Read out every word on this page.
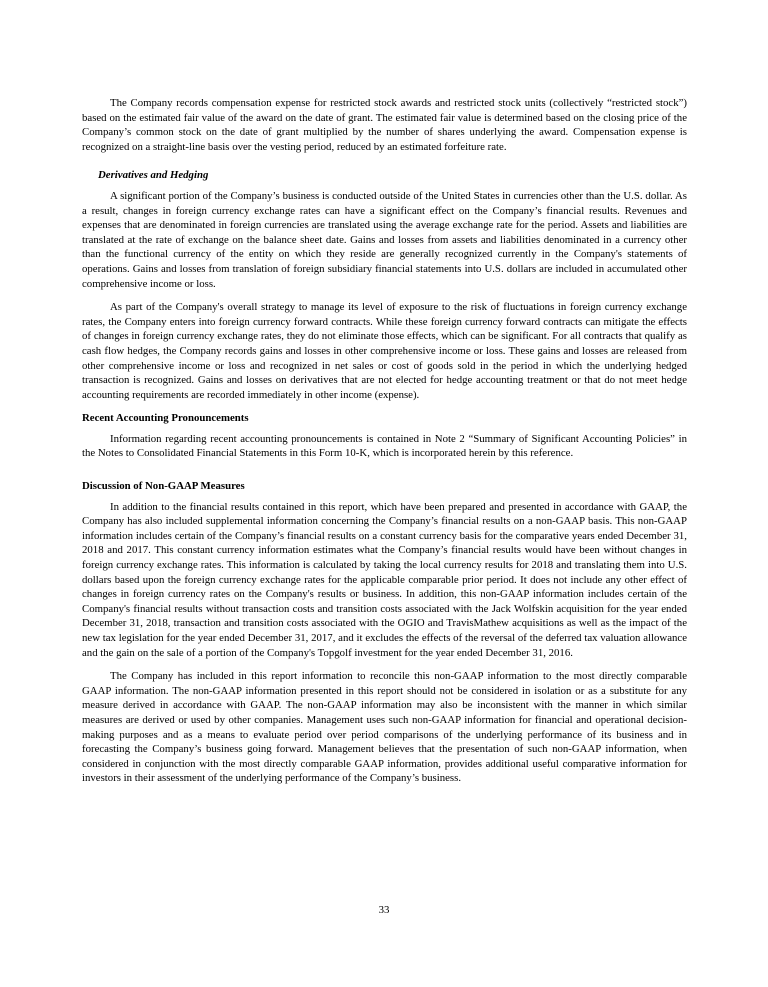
The Company records compensation expense for restricted stock awards and restricted stock units (collectively “restricted stock”) based on the estimated fair value of the award on the date of grant. The estimated fair value is determined based on the closing price of the Company’s common stock on the date of grant multiplied by the number of shares underlying the award. Compensation expense is recognized on a straight-line basis over the vesting period, reduced by an estimated forfeiture rate.

Derivatives and Hedging

A significant portion of the Company’s business is conducted outside of the United States in currencies other than the U.S. dollar. As a result, changes in foreign currency exchange rates can have a significant effect on the Company’s financial results. Revenues and expenses that are denominated in foreign currencies are translated using the average exchange rate for the period. Assets and liabilities are translated at the rate of exchange on the balance sheet date. Gains and losses from assets and liabilities denominated in a currency other than the functional currency of the entity on which they reside are generally recognized currently in the Company's statements of operations. Gains and losses from translation of foreign subsidiary financial statements into U.S. dollars are included in accumulated other comprehensive income or loss.

As part of the Company's overall strategy to manage its level of exposure to the risk of fluctuations in foreign currency exchange rates, the Company enters into foreign currency forward contracts. While these foreign currency forward contracts can mitigate the effects of changes in foreign currency exchange rates, they do not eliminate those effects, which can be significant. For all contracts that qualify as cash flow hedges, the Company records gains and losses in other comprehensive income or loss. These gains and losses are released from other comprehensive income or loss and recognized in net sales or cost of goods sold in the period in which the underlying hedged transaction is recognized. Gains and losses on derivatives that are not elected for hedge accounting treatment or that do not meet hedge accounting requirements are recorded immediately in other income (expense).

Recent Accounting Pronouncements

Information regarding recent accounting pronouncements is contained in Note 2 “Summary of Significant Accounting Policies” in the Notes to Consolidated Financial Statements in this Form 10-K, which is incorporated herein by this reference.

Discussion of Non-GAAP Measures

In addition to the financial results contained in this report, which have been prepared and presented in accordance with GAAP, the Company has also included supplemental information concerning the Company’s financial results on a non-GAAP basis. This non-GAAP information includes certain of the Company’s financial results on a constant currency basis for the comparative years ended December 31, 2018 and 2017. This constant currency information estimates what the Company’s financial results would have been without changes in foreign currency exchange rates. This information is calculated by taking the local currency results for 2018 and translating them into U.S. dollars based upon the foreign currency exchange rates for the applicable comparable prior period. It does not include any other effect of changes in foreign currency rates on the Company's results or business. In addition, this non-GAAP information includes certain of the Company's financial results without transaction costs and transition costs associated with the Jack Wolfskin acquisition for the year ended December 31, 2018, transaction and transition costs associated with the OGIO and TravisMathew acquisitions as well as the impact of the new tax legislation for the year ended December 31, 2017, and it excludes the effects of the reversal of the deferred tax valuation allowance and the gain on the sale of a portion of the Company's Topgolf investment for the year ended December 31, 2016.

The Company has included in this report information to reconcile this non-GAAP information to the most directly comparable GAAP information. The non-GAAP information presented in this report should not be considered in isolation or as a substitute for any measure derived in accordance with GAAP. The non-GAAP information may also be inconsistent with the manner in which similar measures are derived or used by other companies. Management uses such non-GAAP information for financial and operational decision-making purposes and as a means to evaluate period over period comparisons of the underlying performance of its business and in forecasting the Company’s business going forward. Management believes that the presentation of such non-GAAP information, when considered in conjunction with the most directly comparable GAAP information, provides additional useful comparative information for investors in their assessment of the underlying performance of the Company’s business.

33
